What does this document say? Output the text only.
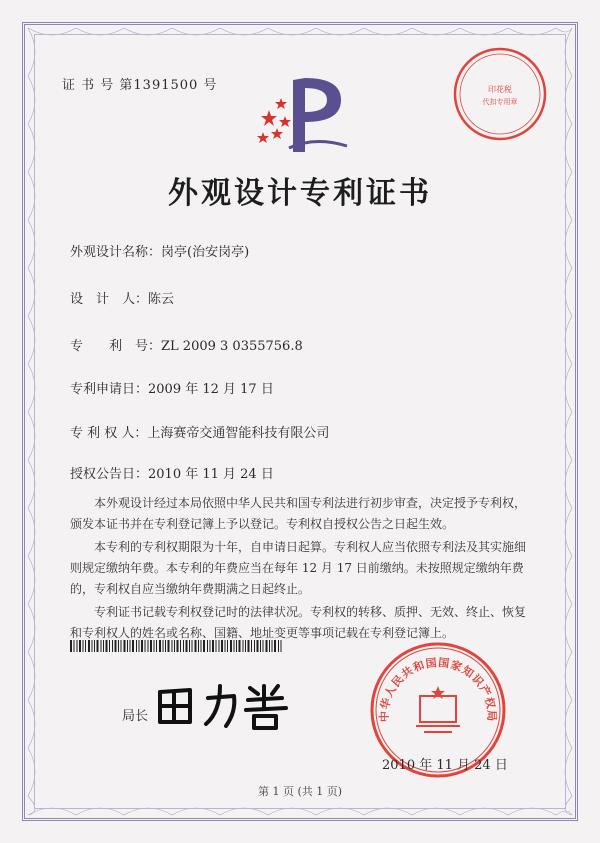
证 书 号 第1391500 号	印花税
代扣专用章
外观设计专利证书
外观设计名称：岗亭(治安岗亭)
设　计　人：陈云
专　　利　号：ZL 2009 3 0355756.8
专利申请日：2009 年 12 月 17 日
专 利 权 人：上海赛帝交通智能科技有限公司
授权公告日：2010 年 11 月 24 日

本外观设计经过本局依照中华人民共和国专利法进行初步审查，决定授予专利权，颁发本证书并在专利登记簿上予以登记。专利权自授权公告之日起生效。

本专利的专利权期限为十年，自申请日起算。专利权人应当依照专利法及其实施细则规定缴纳年费。本专利的年费应当在每年 12 月 17 日前缴纳。未按照规定缴纳年费的，专利权自应当缴纳年费期满之日起终止。

专利证书记载专利权登记时的法律状况。专利权的转移、质押、无效、终止、恢复和专利权人的姓名或名称、国籍、地址变更等事项记载在专利登记簿上。

局长	中华人民共和国国家知识产权局
2010 年 11 月 24 日
第 1 页 (共 1 页)
